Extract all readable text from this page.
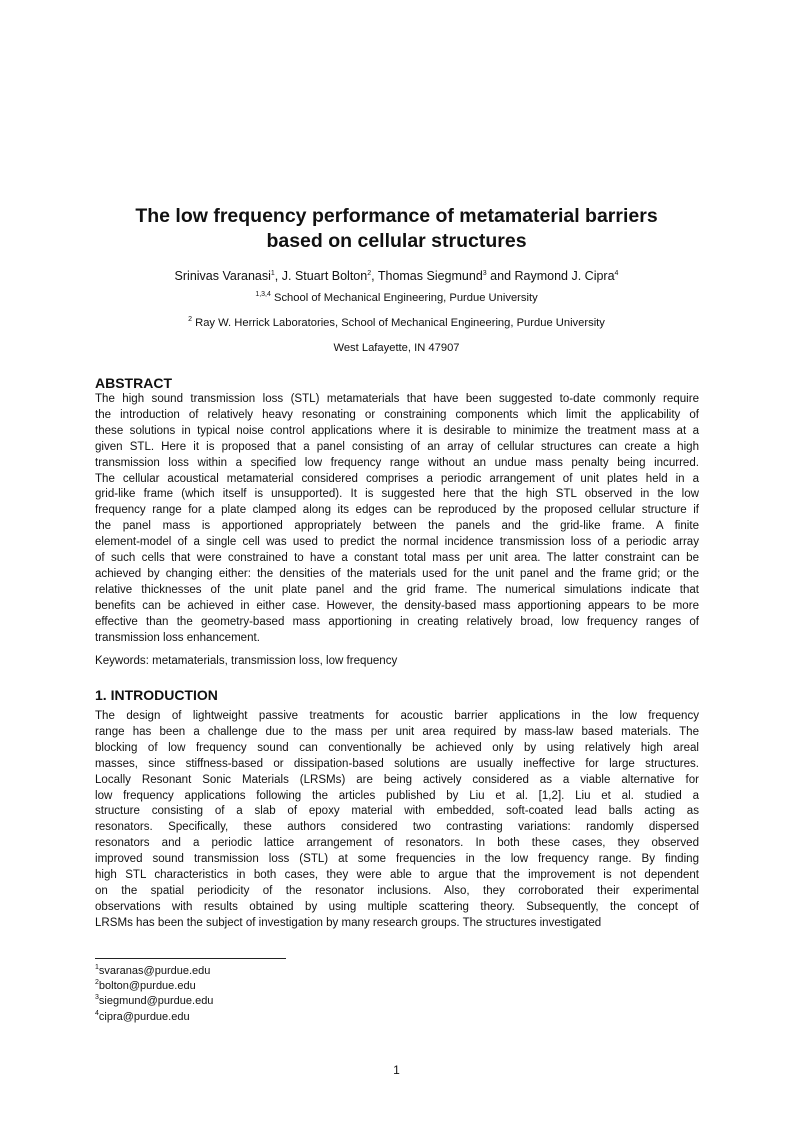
The low frequency performance of metamaterial barriers
based on cellular structures
Srinivas Varanasi$^1$, J. Stuart Bolton$^2$, Thomas Siegmund$^3$ and Raymond J. Cipra$^4$
$^{1,3,4}$ School of Mechanical Engineering, Purdue University
$^2$ Ray W. Herrick Laboratories, School of Mechanical Engineering, Purdue University
West Lafayette, IN 47907
ABSTRACT
The high sound transmission loss (STL) metamaterials that have been suggested to-date commonly require
the introduction of relatively heavy resonating or constraining components which limit the applicability of
these solutions in typical noise control applications where it is desirable to minimize the treatment mass at a
given STL. Here it is proposed that a panel consisting of an array of cellular structures can create a high
transmission loss within a specified low frequency range without an undue mass penalty being incurred.
The cellular acoustical metamaterial considered comprises a periodic arrangement of unit plates held in a
grid-like frame (which itself is unsupported). It is suggested here that the high STL observed in the low
frequency range for a plate clamped along its edges can be reproduced by the proposed cellular structure if
the panel mass is apportioned appropriately between the panels and the grid-like frame. A finite
element-model of a single cell was used to predict the normal incidence transmission loss of a periodic array
of such cells that were constrained to have a constant total mass per unit area. The latter constraint can be
achieved by changing either: the densities of the materials used for the unit panel and the frame grid; or the
relative thicknesses of the unit plate panel and the grid frame. The numerical simulations indicate that
benefits can be achieved in either case. However, the density-based mass apportioning appears to be more
effective than the geometry-based mass apportioning in creating relatively broad, low frequency ranges of
transmission loss enhancement.
Keywords: metamaterials, transmission loss, low frequency
1. INTRODUCTION
The design of lightweight passive treatments for acoustic barrier applications in the low frequency
range has been a challenge due to the mass per unit area required by mass-law based materials. The
blocking of low frequency sound can conventionally be achieved only by using relatively high areal
masses, since stiffness-based or dissipation-based solutions are usually ineffective for large structures.
Locally Resonant Sonic Materials (LRSMs) are being actively considered as a viable alternative for
low frequency applications following the articles published by Liu et al. [1,2]. Liu et al. studied a
structure consisting of a slab of epoxy material with embedded, soft-coated lead balls acting as
resonators. Specifically, these authors considered two contrasting variations: randomly dispersed
resonators and a periodic lattice arrangement of resonators. In both these cases, they observed
improved sound transmission loss (STL) at some frequencies in the low frequency range. By finding
high STL characteristics in both cases, they were able to argue that the improvement is not dependent
on the spatial periodicity of the resonator inclusions. Also, they corroborated their experimental
observations with results obtained by using multiple scattering theory. Subsequently, the concept of
LRSMs has been the subject of investigation by many research groups. The structures investigated
$^1$svaranas@purdue.edu
$^2$bolton@purdue.edu
$^3$siegmund@purdue.edu
$^4$cipra@purdue.edu
1
